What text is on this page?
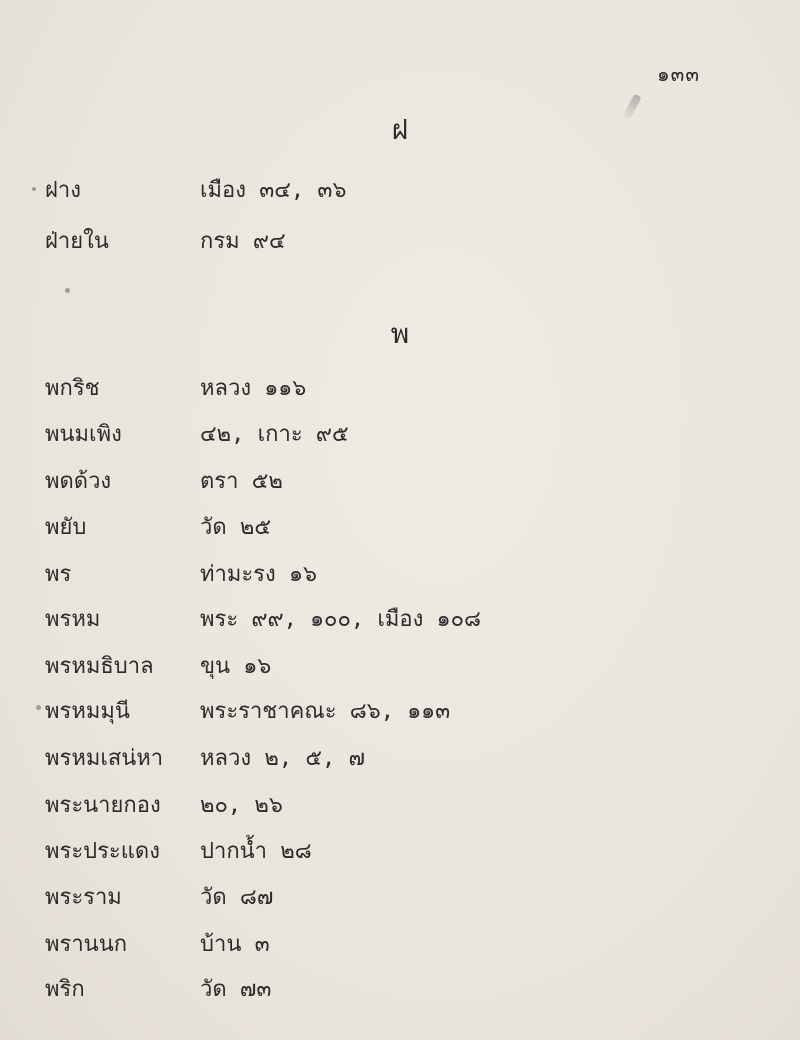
๑๓๓
ฝ
ฝาง	เมือง ๓๔, ๓๖
ฝ่ายใน	กรม ๙๔
พ
พกริช	หลวง ๑๑๖
พนมเพิง	๔๒, เกาะ ๙๕
พดด้วง	ตรา ๕๒
พยับ	วัด ๒๕
พร	ท่ามะรง ๑๖
พรหม	พระ ๙๙, ๑๐๐, เมือง ๑๐๘
พรหมธิบาล	ขุน ๑๖
พรหมมุนี	พระราชาคณะ ๘๖, ๑๑๓
พรหมเสน่หา	หลวง ๒, ๕, ๗
พระนายกอง	๒๐, ๒๖
พระประแดง	ปากน้ำ ๒๘
พระราม	วัด ๘๗
พรานนก	บ้าน ๓
พริก	วัด ๗๓
